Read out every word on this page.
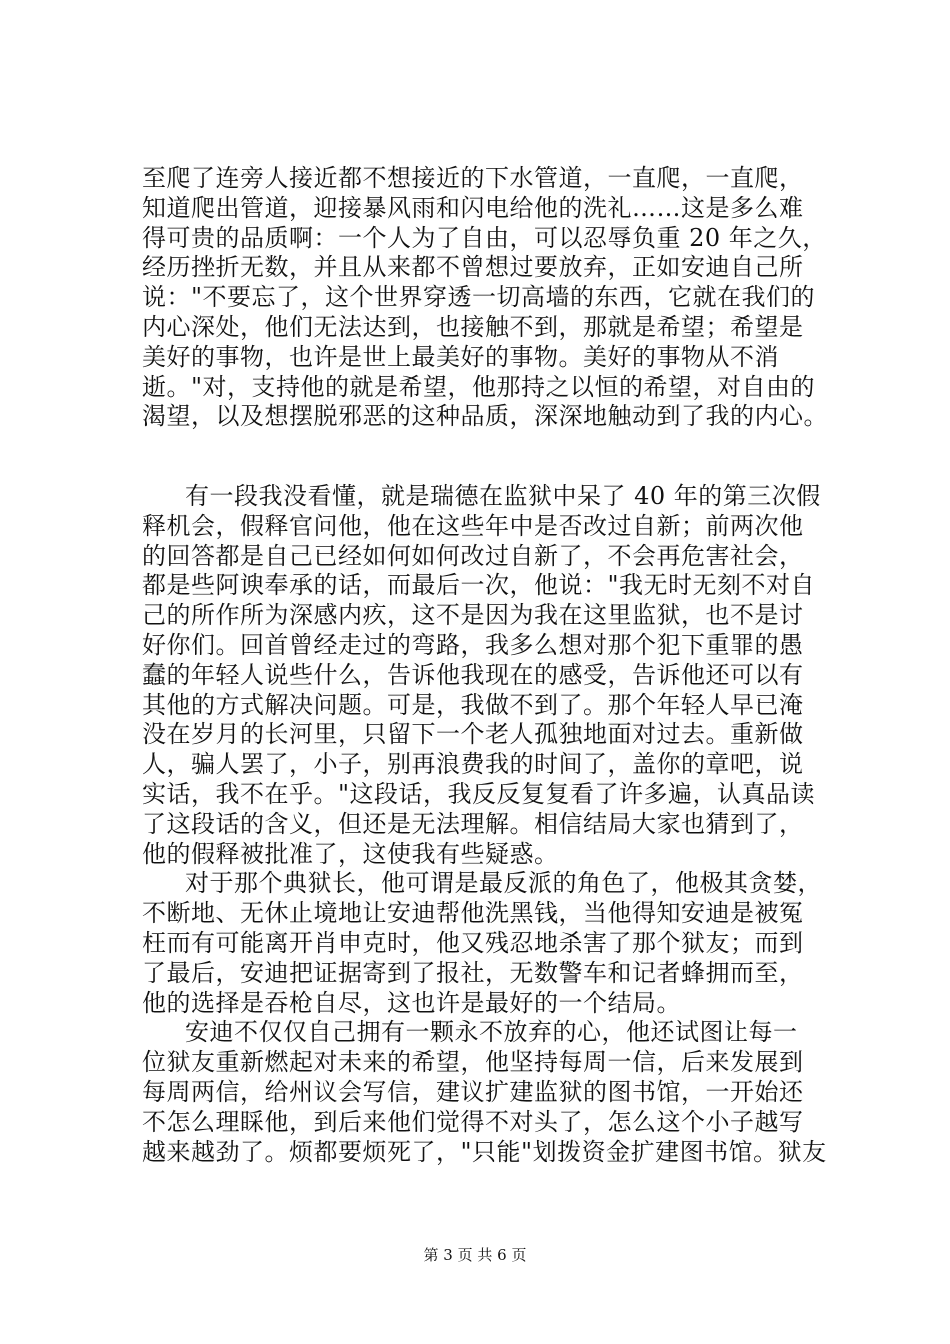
至爬了连旁人接近都不想接近的下水管道，一直爬，一直爬，
知道爬出管道，迎接暴风雨和闪电给他的洗礼……这是多么难
得可贵的品质啊：一个人为了自由，可以忍辱负重 20 年之久，
经历挫折无数，并且从来都不曾想过要放弃，正如安迪自己所
说："不要忘了，这个世界穿透一切高墙的东西，它就在我们的
内心深处，他们无法达到，也接触不到，那就是希望；希望是
美好的事物，也许是世上最美好的事物。美好的事物从不消
逝。"对，支持他的就是希望，他那持之以恒的希望，对自由的
渴望，以及想摆脱邪恶的这种品质，深深地触动到了我的内心。
有一段我没看懂，就是瑞德在监狱中呆了 40 年的第三次假
释机会，假释官问他，他在这些年中是否改过自新；前两次他
的回答都是自己已经如何如何改过自新了，不会再危害社会，
都是些阿谀奉承的话，而最后一次，他说："我无时无刻不对自
己的所作所为深感内疚，这不是因为我在这里监狱，也不是讨
好你们。回首曾经走过的弯路，我多么想对那个犯下重罪的愚
蠢的年轻人说些什么，告诉他我现在的感受，告诉他还可以有
其他的方式解决问题。可是，我做不到了。那个年轻人早已淹
没在岁月的长河里，只留下一个老人孤独地面对过去。重新做
人，骗人罢了，小子，别再浪费我的时间了，盖你的章吧，说
实话，我不在乎。"这段话，我反反复复看了许多遍，认真品读
了这段话的含义，但还是无法理解。相信结局大家也猜到了，
他的假释被批准了，这使我有些疑惑。
对于那个典狱长，他可谓是最反派的角色了，他极其贪婪，
不断地、无休止境地让安迪帮他洗黑钱，当他得知安迪是被冤
枉而有可能离开肖申克时，他又残忍地杀害了那个狱友；而到
了最后，安迪把证据寄到了报社，无数警车和记者蜂拥而至，
他的选择是吞枪自尽，这也许是最好的一个结局。
安迪不仅仅自己拥有一颗永不放弃的心，他还试图让每一
位狱友重新燃起对未来的希望，他坚持每周一信，后来发展到
每周两信，给州议会写信，建议扩建监狱的图书馆，一开始还
不怎么理睬他，到后来他们觉得不对头了，怎么这个小子越写
越来越劲了。烦都要烦死了，"只能"划拨资金扩建图书馆。狱友
第 3 页 共 6 页
